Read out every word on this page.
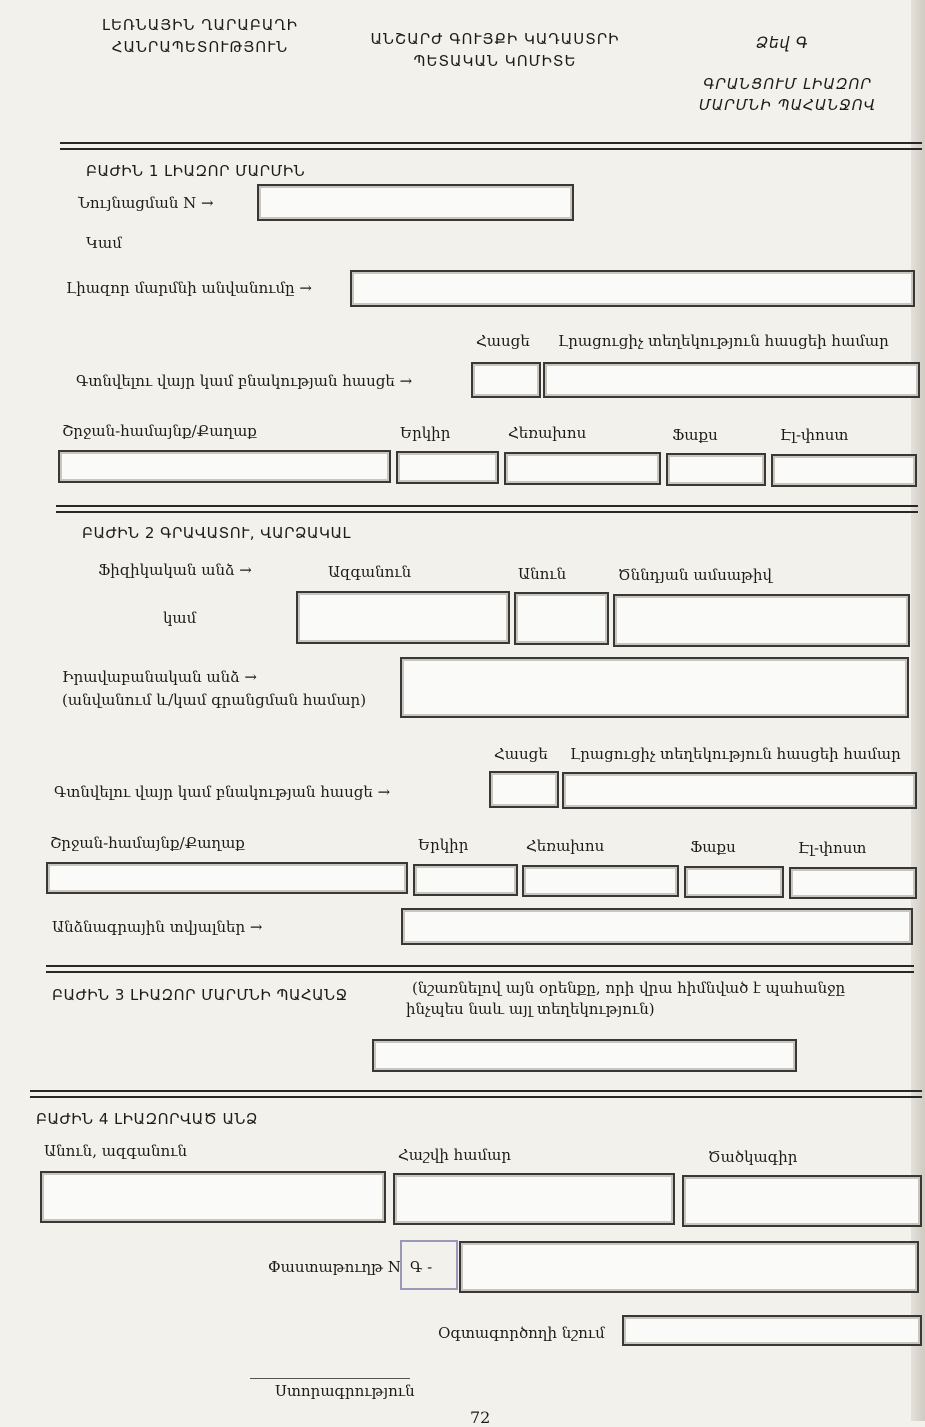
ԼԵՌՆԱՅԻՆ ՂԱՐԱԲԱՂԻ
ՀԱՆՐԱՊԵՏՈՒԹՅՈՒՆ	ԱՆՇԱՐԺ ԳՈՒՅՔԻ ԿԱԴԱՍՏՐԻ
ՊԵՏԱԿԱՆ ԿՈՄԻՏԵ
Ձեվ Գ
ԳՐԱՆՑՈՒՄ ԼԻԱԶՈՐ
ՄԱՐՄՆԻ ՊԱՀԱՆՋՈՎ
ԲԱԺԻՆ 1 ԼԻԱԶՈՐ ՄԱՐՄԻՆ
Նույնացման N →
Կամ
Լիազոր մարմնի անվանումը →
Հասցե Լրացուցիչ տեղեկություն հասցեի համար
Գտնվելու վայր կամ բնակության հասցե →
Շրջան-համայնք/Քաղաք	Երկիր	Հեռախոս	Ֆաքս	Էլ-փոստ
ԲԱԺԻՆ 2 ԳՐԱՎԱՏՈՒ, ՎԱՐՁԱԿԱԼ
Ֆիզիկական անձ →	Ազգանուն	Անուն	Ծննդյան ամսաթիվ
կամ
Իրավաբանական անձ →
(անվանում և/կամ գրանցման համար)
Հասցե Լրացուցիչ տեղեկություն հասցեի համար
Գտնվելու վայր կամ բնակության հասցե →
Շրջան-համայնք/Քաղաք	Երկիր	Հեռախոս	Ֆաքս	Էլ-փոստ
Անձնագրային տվյալներ →
ԲԱԺԻՆ 3 ԼԻԱԶՈՐ ՄԱՐՄՆԻ ՊԱՀԱՆՋ	(նշառնելով այն օրենքը, որի վրա հիմնված է պահանջը
ինչպես նաև այլ տեղեկություն)
ԲԱԺԻՆ 4 ԼԻԱԶՈՐՎԱԾ ԱՆՁ
Անուն, ազգանուն	Հաշվի համար	Ծածկագիր
Փաստաթուղթ N Գ -
Օգտագործողի նշում
Ստորագրություն
72
